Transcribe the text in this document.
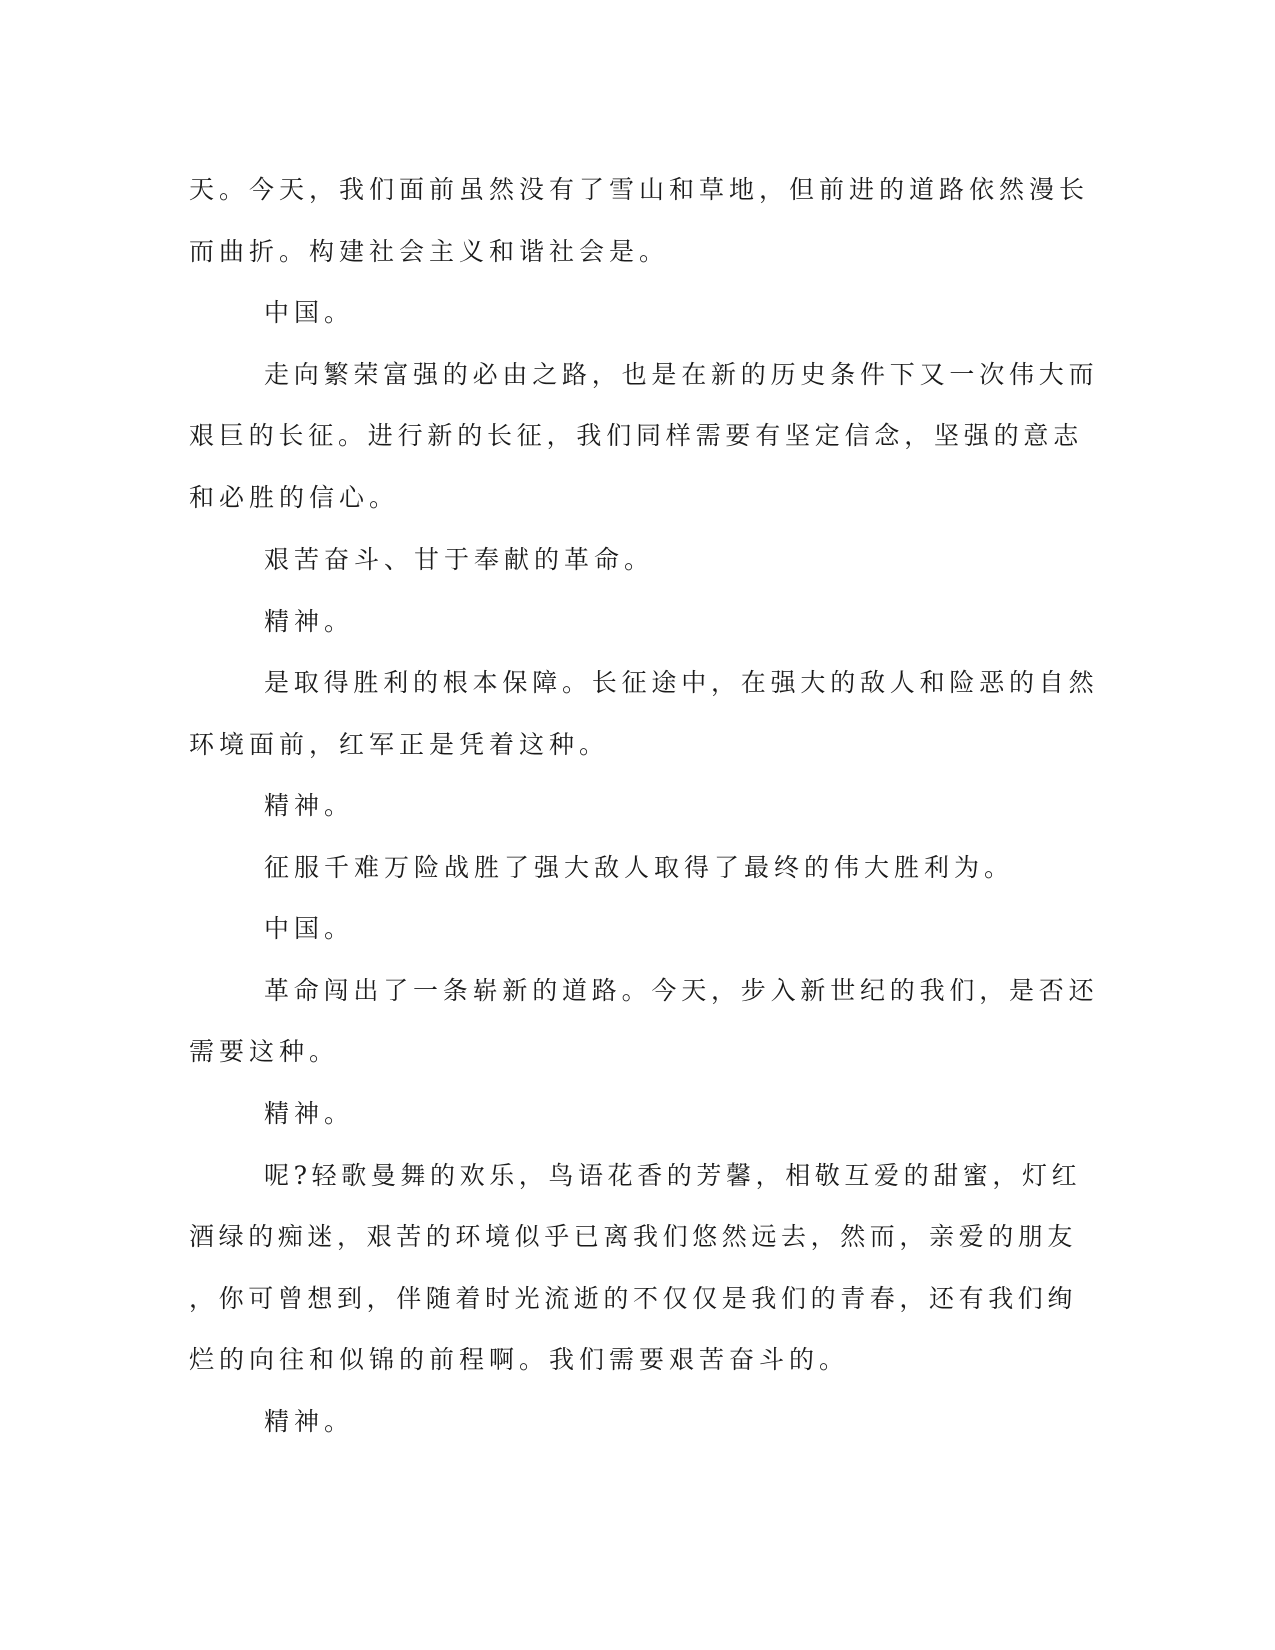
天。今天，我们面前虽然没有了雪山和草地，但前进的道路依然漫长
而曲折。构建社会主义和谐社会是。
中国。
走向繁荣富强的必由之路，也是在新的历史条件下又一次伟大而
艰巨的长征。进行新的长征，我们同样需要有坚定信念，坚强的意志
和必胜的信心。
艰苦奋斗、甘于奉献的革命。
精神。
是取得胜利的根本保障。长征途中，在强大的敌人和险恶的自然
环境面前，红军正是凭着这种。
精神。
征服千难万险战胜了强大敌人取得了最终的伟大胜利为。
中国。
革命闯出了一条崭新的道路。今天，步入新世纪的我们，是否还
需要这种。
精神。
呢?轻歌曼舞的欢乐，鸟语花香的芳馨，相敬互爱的甜蜜，灯红
酒绿的痴迷，艰苦的环境似乎已离我们悠然远去，然而，亲爱的朋友
，你可曾想到，伴随着时光流逝的不仅仅是我们的青春，还有我们绚
烂的向往和似锦的前程啊。我们需要艰苦奋斗的。
精神。
